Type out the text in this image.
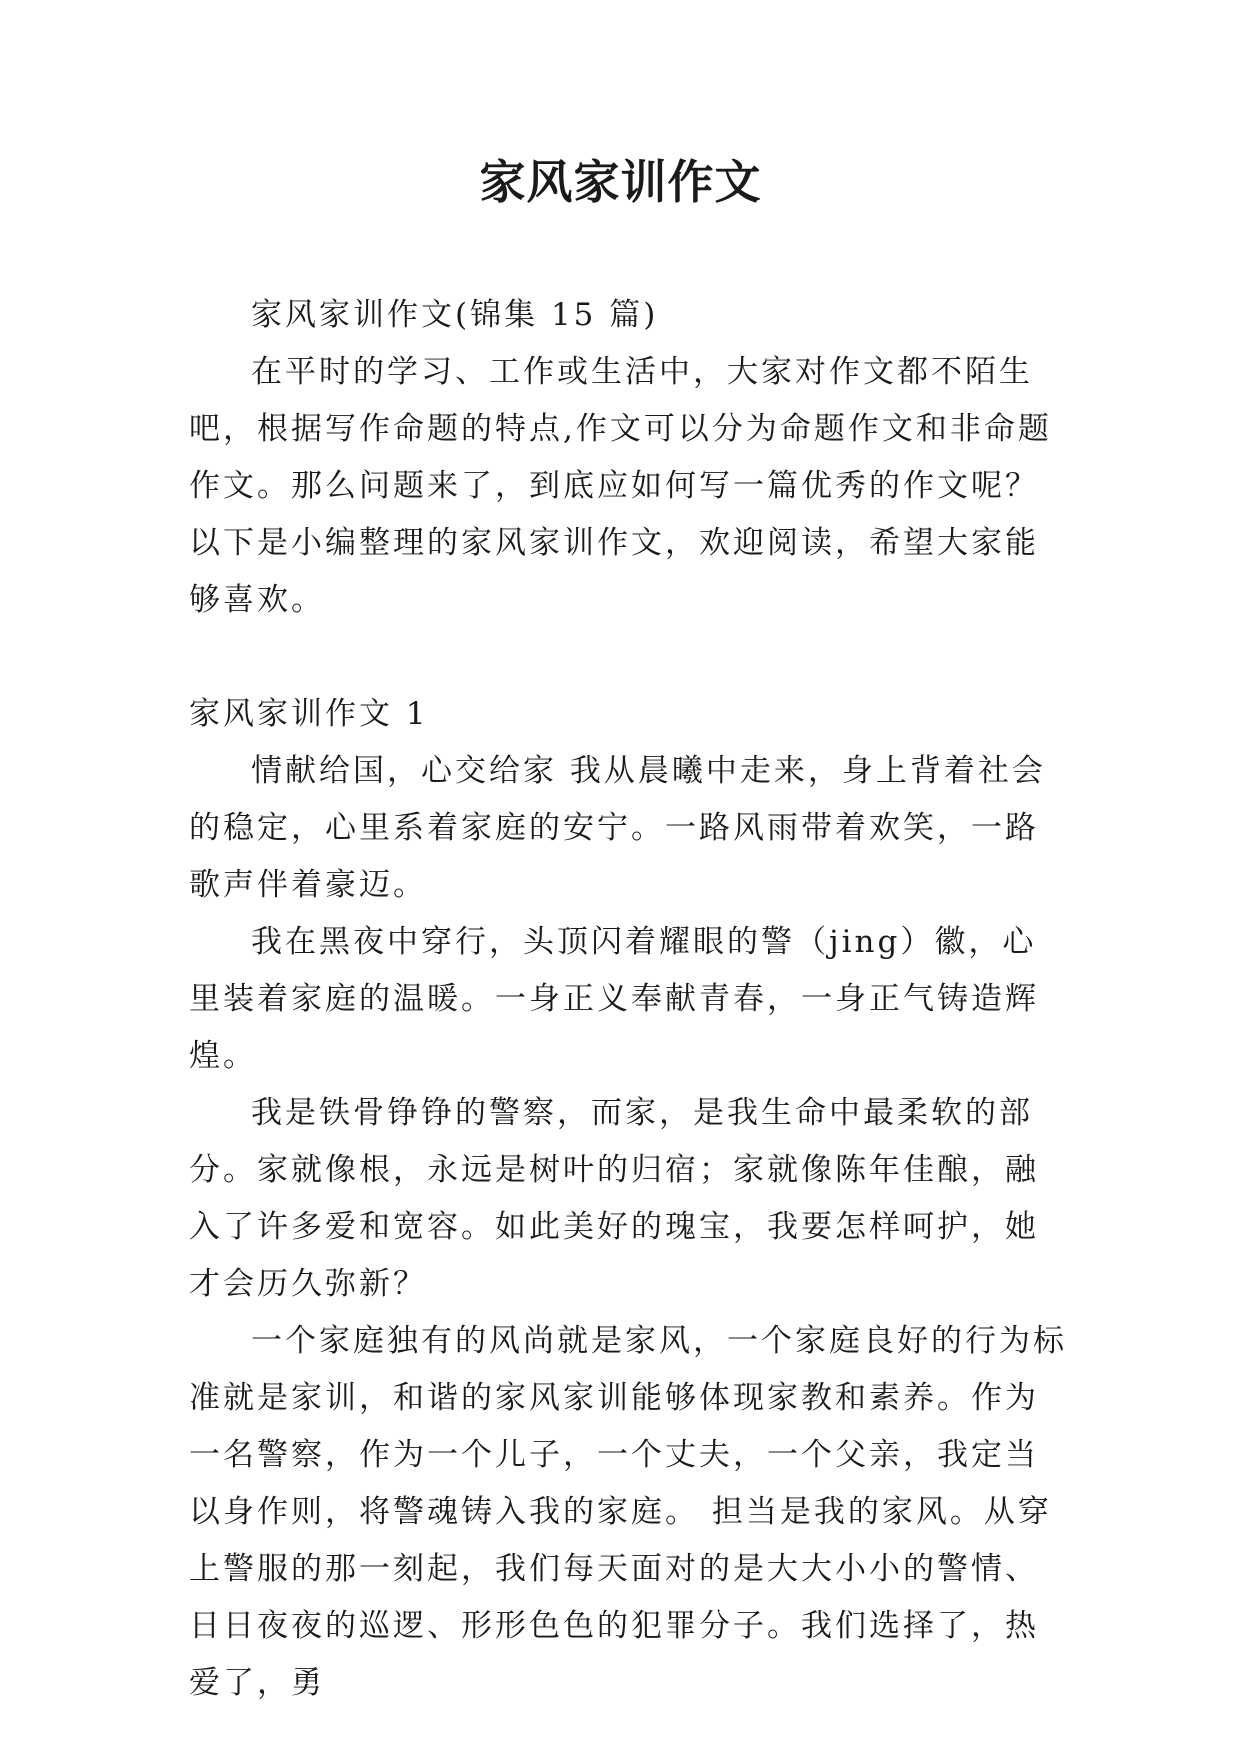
家风家训作文

家风家训作文(锦集 15 篇)

在平时的学习、工作或生活中，大家对作文都不陌生吧，根据写作命题的特点,作文可以分为命题作文和非命题作文。那么问题来了，到底应如何写一篇优秀的作文呢？以下是小编整理的家风家训作文，欢迎阅读，希望大家能够喜欢。

家风家训作文 1

情献给国，心交给家 我从晨曦中走来，身上背着社会的稳定，心里系着家庭的安宁。一路风雨带着欢笑，一路歌声伴着豪迈。

我在黑夜中穿行，头顶闪着耀眼的警（jing）徽，心里装着家庭的温暖。一身正义奉献青春，一身正气铸造辉煌。

我是铁骨铮铮的警察，而家，是我生命中最柔软的部分。家就像根，永远是树叶的归宿；家就像陈年佳酿，融入了许多爱和宽容。如此美好的瑰宝，我要怎样呵护，她才会历久弥新？

一个家庭独有的风尚就是家风，一个家庭良好的行为标准就是家训，和谐的家风家训能够体现家教和素养。作为一名警察，作为一个儿子，一个丈夫，一个父亲，我定当以身作则，将警魂铸入我的家庭。 担当是我的家风。从穿上警服的那一刻起，我们每天面对的是大大小小的警情、日日夜夜的巡逻、形形色色的犯罪分子。我们选择了，热爱了，勇
